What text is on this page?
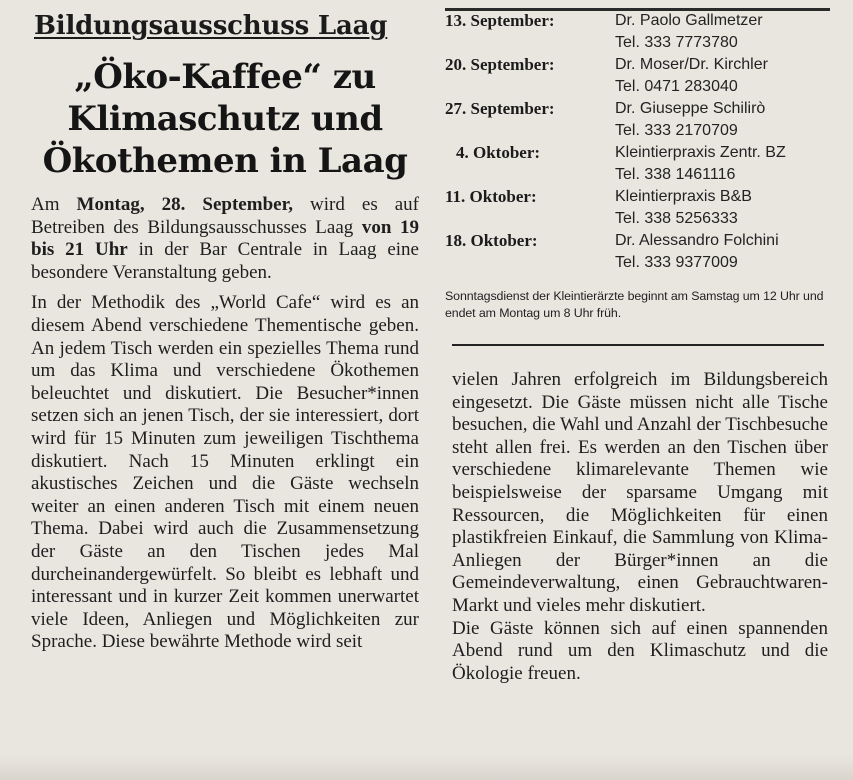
Bildungsausschuss Laag
„Öko-Kaffee“ zu
Klimaschutz und
Ökothemen in Laag

Am Montag, 28. September, wird es auf Betreiben des Bildungsausschusses Laag von 19 bis 21 Uhr in der Bar Centrale in Laag eine besondere Veranstaltung geben.

In der Methodik des „World Cafe“ wird es an diesem Abend verschiedene Thementische geben. An jedem Tisch werden ein spezielles Thema rund um das Klima und verschiedene Ökothemen beleuchtet und diskutiert. Die Besucher*innen setzen sich an jenen Tisch, der sie interessiert, dort wird für 15 Minuten zum jeweiligen Tischthema diskutiert. Nach 15 Minuten erklingt ein akustisches Zeichen und die Gäste wechseln weiter an einen anderen Tisch mit einem neuen Thema. Dabei wird auch die Zusammensetzung der Gäste an den Tischen jedes Mal durcheinandergewürfelt. So bleibt es lebhaft und interessant und in kurzer Zeit kommen unerwartet viele Ideen, Anliegen und Möglichkeiten zur Sprache. Diese bewährte Methode wird seit

13. September:	Dr. Paolo Gallmetzer
Tel. 333 7773780
20. September:	Dr. Moser/Dr. Kirchler
Tel. 0471 283040
27. September:	Dr. Giuseppe Schilirò
Tel. 333 2170709
4. Oktober:	Kleintierpraxis Zentr. BZ
Tel. 338 1461116
11. Oktober:	Kleintierpraxis B&B
Tel. 338 5256333
18. Oktober:	Dr. Alessandro Folchini
Tel. 333 9377009
Sonntagsdienst der Kleintierärzte beginnt am Samstag um 12 Uhr und endet am Montag um 8 Uhr früh.

vielen Jahren erfolgreich im Bildungsbereich eingesetzt. Die Gäste müssen nicht alle Tische besuchen, die Wahl und Anzahl der Tischbesuche steht allen frei. Es werden an den Tischen über verschiedene klimarelevante Themen wie beispielsweise der sparsame Umgang mit Ressourcen, die Möglichkeiten für einen plastikfreien Einkauf, die Sammlung von Klima-Anliegen der Bürger*innen an die Gemeindeverwaltung, einen Gebrauchtwaren-Markt und vieles mehr diskutiert.

Die Gäste können sich auf einen spannenden Abend rund um den Klimaschutz und die Ökologie freuen.
